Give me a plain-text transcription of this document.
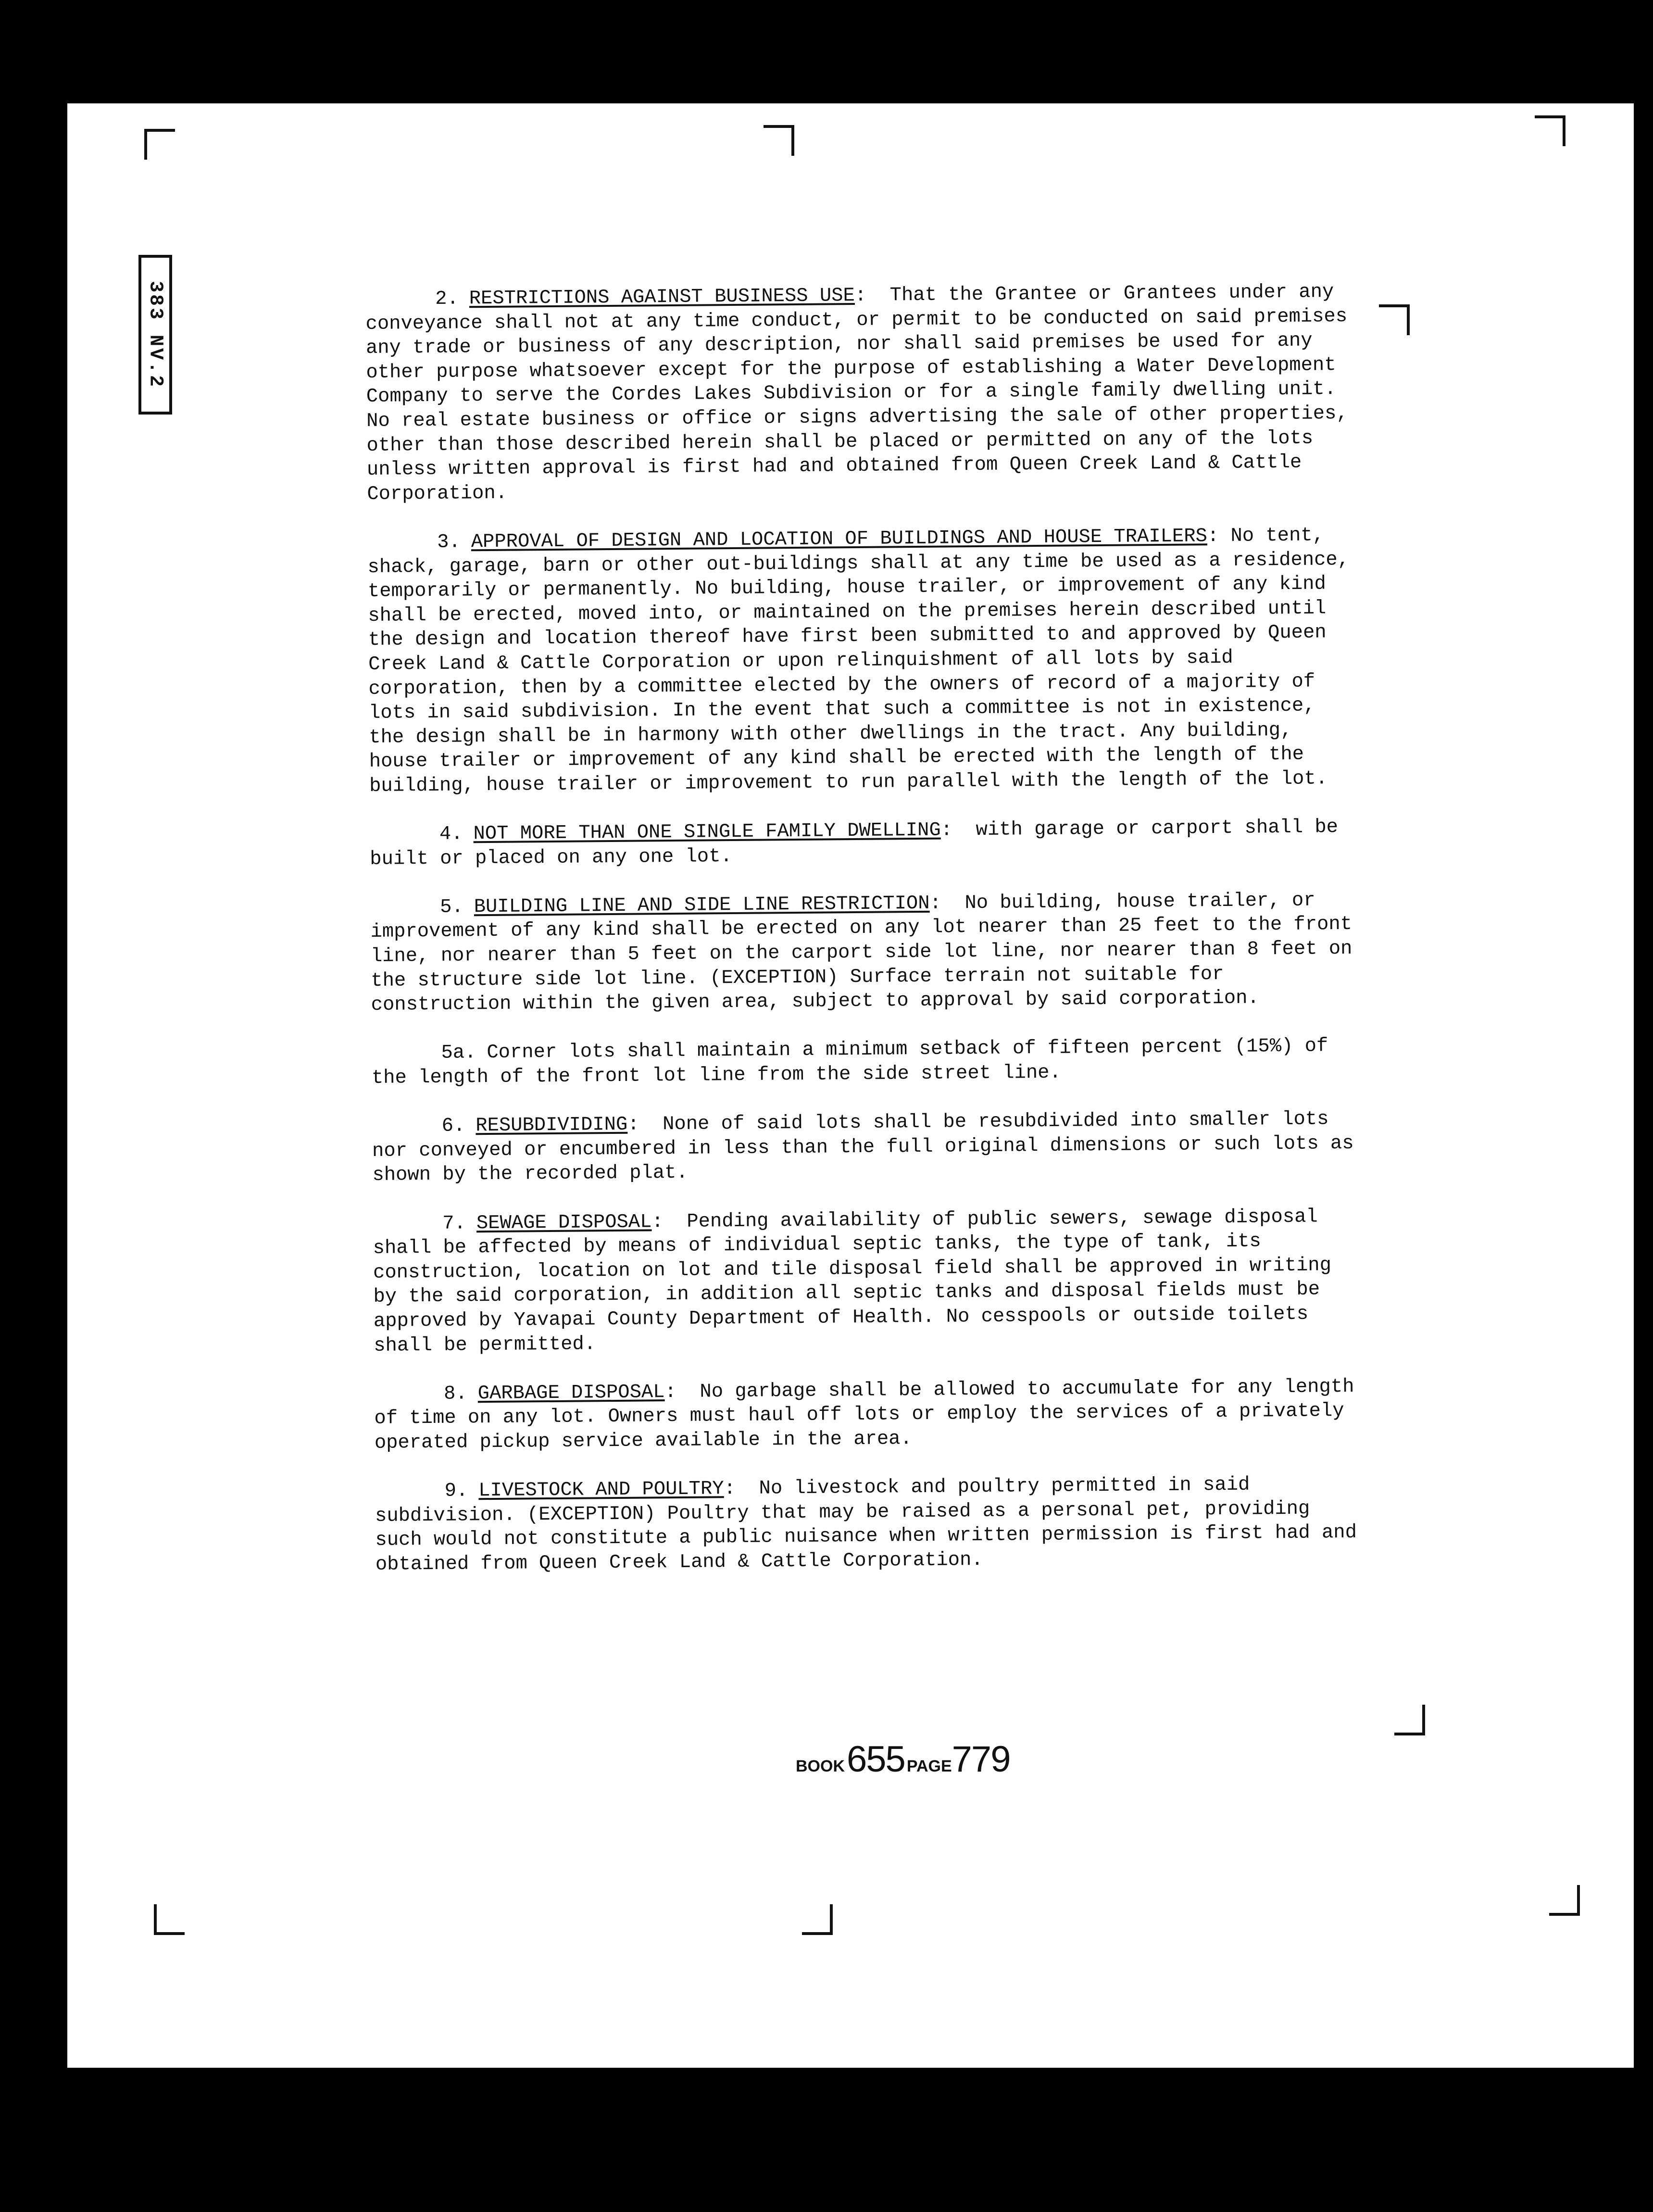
383 NV.2	2. RESTRICTIONS AGAINST BUSINESS USE:  That the Grantee or Grantees under any conveyance shall not at any time conduct, or permit to be conducted on said premises any trade or business of any description, nor shall said premises be used for any other purpose whatsoever except for the purpose of establishing a Water Development Company to serve the Cordes Lakes Subdivision or for a single family dwelling unit. No real estate business or office or signs advertising the sale of other properties, other than those described herein shall be placed or permitted on any of the lots unless written approval is first had and obtained from Queen Creek Land & Cattle Corporation.

3. APPROVAL OF DESIGN AND LOCATION OF BUILDINGS AND HOUSE TRAILERS: No tent, shack, garage, barn or other out-buildings shall at any time be used as a residence, temporarily or permanently. No building, house trailer, or improvement of any kind shall be erected, moved into, or maintained on the premises herein described until the design and location thereof have first been submitted to and approved by Queen Creek Land & Cattle Corporation or upon relinquishment of all lots by said corporation, then by a committee elected by the owners of record of a majority of lots in said subdivision. In the event that such a committee is not in existence, the design shall be in harmony with other dwellings in the tract. Any building, house trailer or improvement of any kind shall be erected with the length of the building, house trailer or improvement to run parallel with the length of the lot.

4. NOT MORE THAN ONE SINGLE FAMILY DWELLING:  with garage or carport shall be built or placed on any one lot.

5. BUILDING LINE AND SIDE LINE RESTRICTION:  No building, house trailer, or improvement of any kind shall be erected on any lot nearer than 25 feet to the front line, nor nearer than 5 feet on the carport side lot line, nor nearer than 8 feet on the structure side lot line. (EXCEPTION) Surface terrain not suitable for construction within the given area, subject to approval by said corporation.

5a. Corner lots shall maintain a minimum setback of fifteen percent (15%) of the length of the front lot line from the side street line.

6. RESUBDIVIDING:  None of said lots shall be resubdivided into smaller lots nor conveyed or encumbered in less than the full original dimensions or such lots as shown by the recorded plat.

7. SEWAGE DISPOSAL:  Pending availability of public sewers, sewage disposal shall be affected by means of individual septic tanks, the type of tank, its construction, location on lot and tile disposal field shall be approved in writing by the said corporation, in addition all septic tanks and disposal fields must be approved by Yavapai County Department of Health. No cesspools or outside toilets shall be permitted.

8. GARBAGE DISPOSAL:  No garbage shall be allowed to accumulate for any length of time on any lot. Owners must haul off lots or employ the services of a privately operated pickup service available in the area.

9. LIVESTOCK AND POULTRY:  No livestock and poultry permitted in said subdivision. (EXCEPTION) Poultry that may be raised as a personal pet, providing such would not constitute a public nuisance when written permission is first had and obtained from Queen Creek Land & Cattle Corporation.

BOOK 655 PAGE779
